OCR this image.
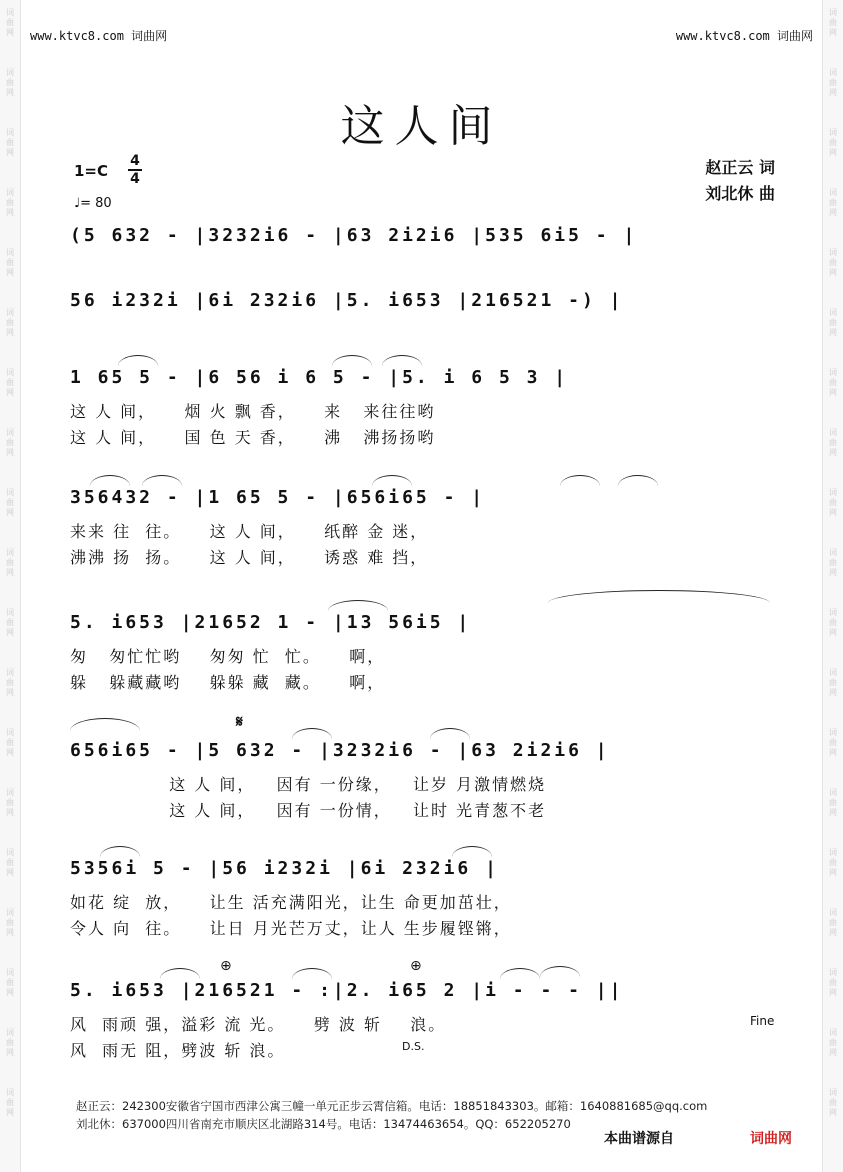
词
曲
网
词
曲
网
词
曲
网
词
曲
网
词
曲
网
词
曲
网
词
曲
网
词
曲
网
词
曲
网
词
曲
网
词
曲
网
词
曲
网
词
曲
网
词
曲
网
词
曲
网
词
曲
网
词
曲
网
词
曲
网
词
曲
网
词
曲
网
词
曲
网
词
曲
网
词
曲
网
词
曲
网
词
曲
网
词
曲
网
词
曲
网
词
曲
网
词
曲
网
词
曲
网
词
曲
网
词
曲
网
词
曲
网
词
曲
网
词
曲
网
词
曲
网
词
曲
网
词
曲
网
www.ktvc8.com 词曲网	www.ktvc8.com 词曲网
这人间
1=C
4
4
♩= 80
赵正云 词
刘北休 曲
(5 632 - |3232i6 - |63 2i2i6 |535 6i5 - |
56 i232i |6i 232i6 |5. i653 |216521 -) |
1 65 5 - |6 56 i 6 5 - |5. i 6 5 3 |
这 人 间，    烟 火 飘 香，    来   来往往哟
这 人 间，    国 色 天 香，    沸   沸扬扬哟
356432 - |1 65 5 - |656i65 - |
来来 往  往。    这 人 间，    纸醉 金 迷，
沸沸 扬  扬。    这 人 间，    诱惑 难 挡，
5. i653 |21652 1 - |13 56i5 |
匆   匆忙忙哟    匆匆 忙  忙。    啊，
躲   躲藏藏哟    躲躲 藏  藏。    啊，
656i65 - |5 632 - |3232i6 - |63 2i2i6 |
𝄋
这 人 间，   因有 一份缘，   让岁 月激情燃烧
这 人 间，   因有 一份情，   让时 光青葱不老
5356i 5 - |56 i232i |6i 232i6 |
如花 绽  放，    让生 活充满阳光，让生 命更加茁壮，
令人 向  往。    让日 月光芒万丈，让人 生步履铿锵，
5. i653 |216521 - :|2. i65 2 |i - - - ||
⊕	⊕
风  雨顽 强，溢彩 流 光。    劈 波 斩    浪。
风  雨无 阻，劈波 斩 浪。
Fine
D.S.
赵正云：242300安徽省宁国市西津公寓三幢一单元正步云霄信箱。电话：18851843303。邮箱：1640881685@qq.com
刘北休：637000四川省南充市顺庆区北湖路314号。电话：13474463654。QQ：652205270
本曲谱源自	词曲网
